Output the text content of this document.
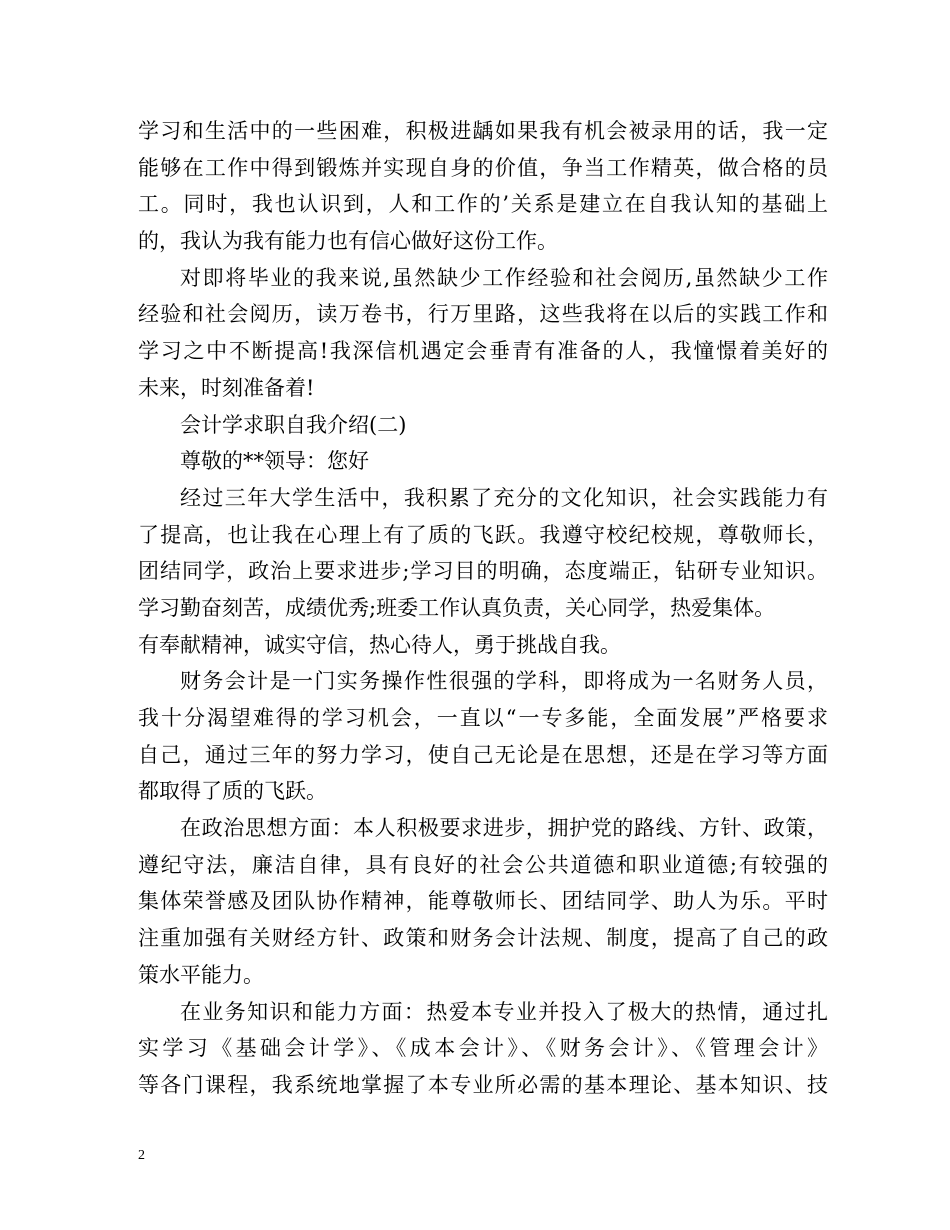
学习和生活中的一些困难，积极进龋如果我有机会被录用的话，我一定
能够在工作中得到锻炼并实现自身的价值，争当工作精英，做合格的员
工。同时，我也认识到，人和工作的’关系是建立在自我认知的基础上
的，我认为我有能力也有信心做好这份工作。
对即将毕业的我来说,虽然缺少工作经验和社会阅历,虽然缺少工作
经验和社会阅历，读万卷书，行万里路，这些我将在以后的实践工作和
学习之中不断提高!我深信机遇定会垂青有准备的人，我憧憬着美好的
未来，时刻准备着!
会计学求职自我介绍(二)
尊敬的**领导：您好
经过三年大学生活中，我积累了充分的文化知识，社会实践能力有
了提高，也让我在心理上有了质的飞跃。我遵守校纪校规，尊敬师长，
团结同学，政治上要求进步;学习目的明确，态度端正，钻研专业知识。
学习勤奋刻苦，成绩优秀;班委工作认真负责，关心同学，热爱集体。
有奉献精神，诚实守信，热心待人，勇于挑战自我。
财务会计是一门实务操作性很强的学科，即将成为一名财务人员，
我十分渴望难得的学习机会，一直以“一专多能，全面发展”严格要求
自己，通过三年的努力学习，使自己无论是在思想，还是在学习等方面
都取得了质的飞跃。
在政治思想方面：本人积极要求进步，拥护党的路线、方针、政策，
遵纪守法，廉洁自律，具有良好的社会公共道德和职业道德;有较强的
集体荣誉感及团队协作精神，能尊敬师长、团结同学、助人为乐。平时
注重加强有关财经方针、政策和财务会计法规、制度，提高了自己的政
策水平能力。
在业务知识和能力方面：热爱本专业并投入了极大的热情，通过扎
实学习《基础会计学》、《成本会计》、《财务会计》、《管理会计》
等各门课程，我系统地掌握了本专业所必需的基本理论、基本知识、技
2
